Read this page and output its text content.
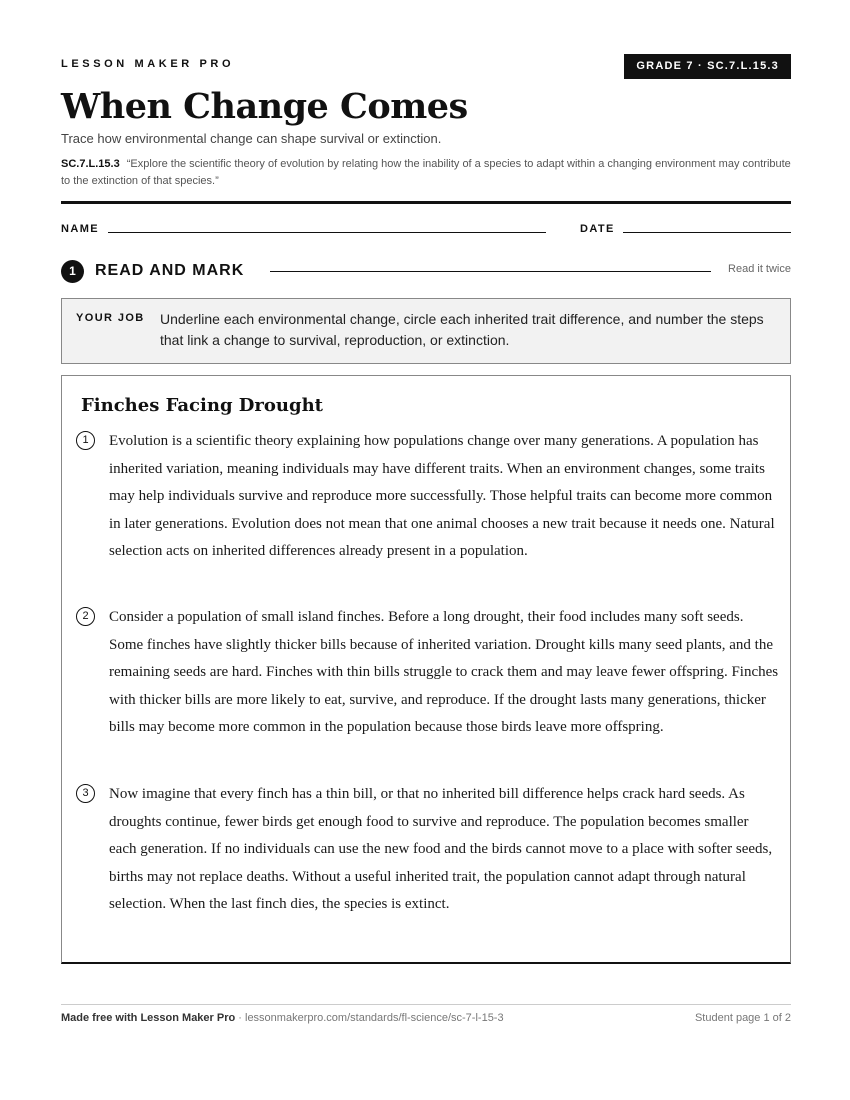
LESSON MAKER PRO	GRADE 7 · SC.7.L.15.3
When Change Comes
Trace how environmental change can shape survival or extinction.
SC.7.L.15.3 “Explore the scientific theory of evolution by relating how the inability of a species to adapt within a changing environment may contribute to the extinction of that species.”
NAME	DATE
1	READ AND MARK	Read it twice
YOUR JOB Underline each environmental change, circle each inherited trait difference, and number the steps that link a change to survival, reproduction, or extinction.
Finches Facing Drought
1	Evolution is a scientific theory explaining how populations change over many generations. A population has inherited variation, meaning individuals may have different traits. When an environment changes, some traits may help individuals survive and reproduce more successfully. Those helpful traits can become more common in later generations. Evolution does not mean that one animal chooses a new trait because it needs one. Natural selection acts on inherited differences already present in a population.

2	Consider a population of small island finches. Before a long drought, their food includes many soft seeds. Some finches have slightly thicker bills because of inherited variation. Drought kills many seed plants, and the remaining seeds are hard. Finches with thin bills struggle to crack them and may leave fewer offspring. Finches with thicker bills are more likely to eat, survive, and reproduce. If the drought lasts many generations, thicker bills may become more common in the population because those birds leave more offspring.

3	Now imagine that every finch has a thin bill, or that no inherited bill difference helps crack hard seeds. As droughts continue, fewer birds get enough food to survive and reproduce. The population becomes smaller each generation. If no individuals can use the new food and the birds cannot move to a place with softer seeds, births may not replace deaths. Without a useful inherited trait, the population cannot adapt through natural selection. When the last finch dies, the species is extinct.

Made free with Lesson Maker Pro · lessonmakerpro.com/standards/fl-science/sc-7-l-15-3	Student page 1 of 2
